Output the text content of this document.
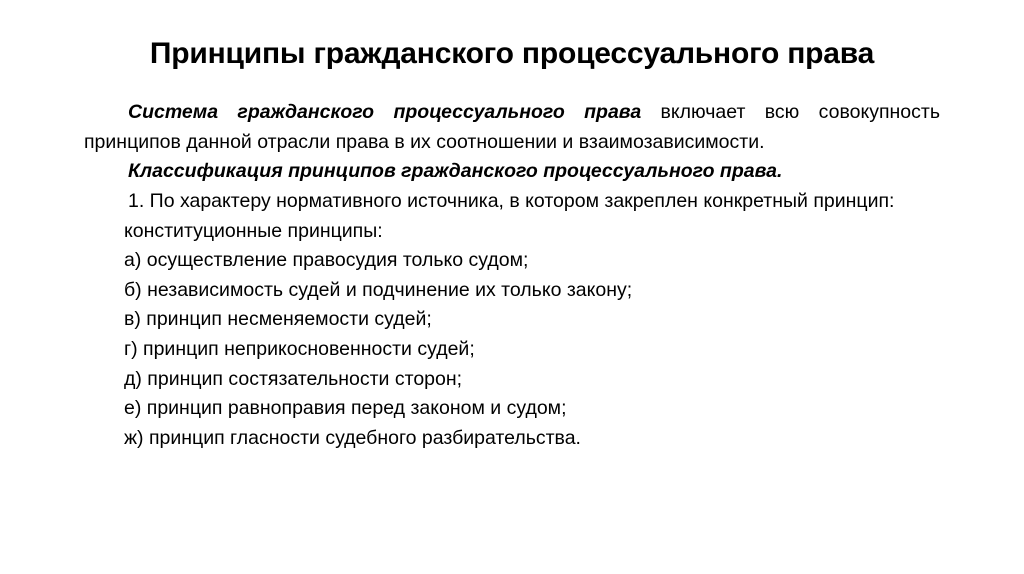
Принципы гражданского процессуального права

Система гражданского процессуального права включает всю совокупность принципов данной отрасли права в их соотношении и взаимозависимости.

Классификация принципов гражданского процессуального права.

1. По характеру нормативного источника, в котором закреплен конкретный принцип:

конституционные принципы:

а) осуществление правосудия только судом;

б) независимость судей и подчинение их только закону;

в) принцип несменяемости судей;

г) принцип неприкосновенности судей;

д) принцип состязательности сторон;

е) принцип равноправия перед законом и судом;

ж) принцип гласности судебного разбирательства.
